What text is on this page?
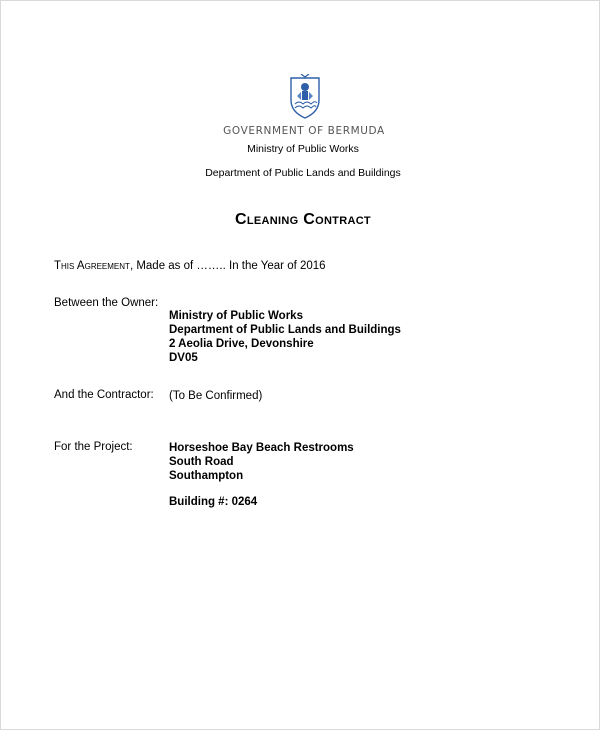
GOVERNMENT OF BERMUDA
Ministry of Public Works
Department of Public Lands and Buildings
Cleaning Contract
This Agreement, Made as of …….. In the Year of 2016
Between the Owner:
Ministry of Public Works
Department of Public Lands and Buildings
2 Aeolia Drive, Devonshire
DV05
And the Contractor: (To Be Confirmed)
For the Project:	Horseshoe Bay Beach Restrooms
South Road
Southampton
Building #: 0264
